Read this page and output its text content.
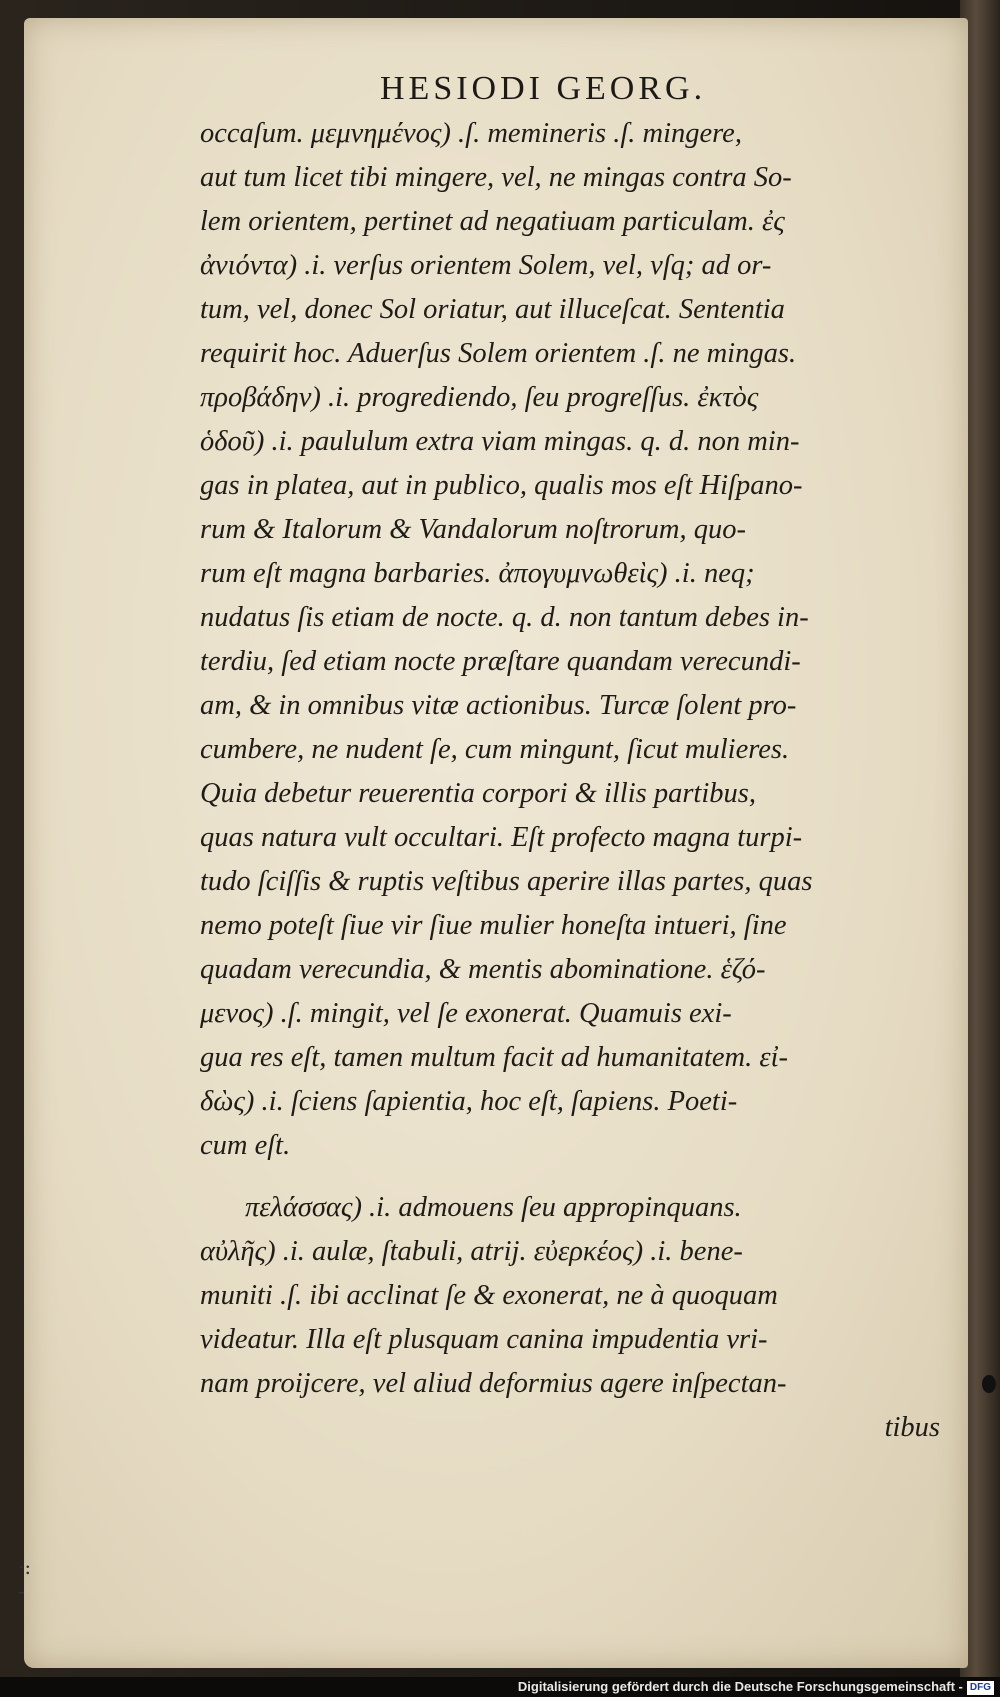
HESIODI GEORG.
occaſum. μεμνημένος) .ſ. memineris .ſ. mingere,
aut tum licet tibi mingere, vel, ne mingas contra So-
lem orientem, pertinet ad negatiuam particulam. ἐς
ἀνιόντα) .i. verſus orientem Solem, vel, vſq; ad or-
tum, vel, donec Sol oriatur, aut illuceſcat. Sententia
requirit hoc. Aduerſus Solem orientem .ſ. ne mingas.
προβάδην) .i. progrediendo, ſeu progreſſus. ἐκτὸς
ὁδοῦ) .i. paululum extra viam mingas. q. d. non min-
gas in platea, aut in publico, qualis mos eſt Hiſpano-
rum & Italorum & Vandalorum noſtrorum, quo-
rum eſt magna barbaries. ἀπογυμνωθεὶς) .i. neq;
nudatus ſis etiam de nocte. q. d. non tantum debes in-
terdiu, ſed etiam nocte præſtare quandam verecundi-
am, & in omnibus vitæ actionibus. Turcæ ſolent pro-
cumbere, ne nudent ſe, cum mingunt, ſicut mulieres.
Quia debetur reuerentia corpori & illis partibus,
quas natura vult occultari. Eſt profecto magna turpi-
tudo ſciſſis & ruptis veſtibus aperire illas partes, quas
nemo poteſt ſiue vir ſiue mulier honeſta intueri, ſine
quadam verecundia, & mentis abominatione. ἑζό-
μενος) .ſ. mingit, vel ſe exonerat. Quamuis exi-
gua res eſt, tamen multum facit ad humanitatem. εἰ-
δὼς) .i. ſciens ſapientia, hoc eſt, ſapiens. Poeti-
cum eſt.
πελάσσας) .i. admouens ſeu appropinquans.
αὐλῆς) .i. aulæ, ſtabuli, atrij. εὐερκέος) .i. bene-
muniti .ſ. ibi acclinat ſe & exonerat, ne à quoquam
videatur. Illa eſt plusquam canina impudentia vri-
nam proijcere, vel aliud deformius agere inſpectan-
tibus
·:
‑
Digitalisierung gefördert durch die Deutsche Forschungsgemeinschaft - DFG
